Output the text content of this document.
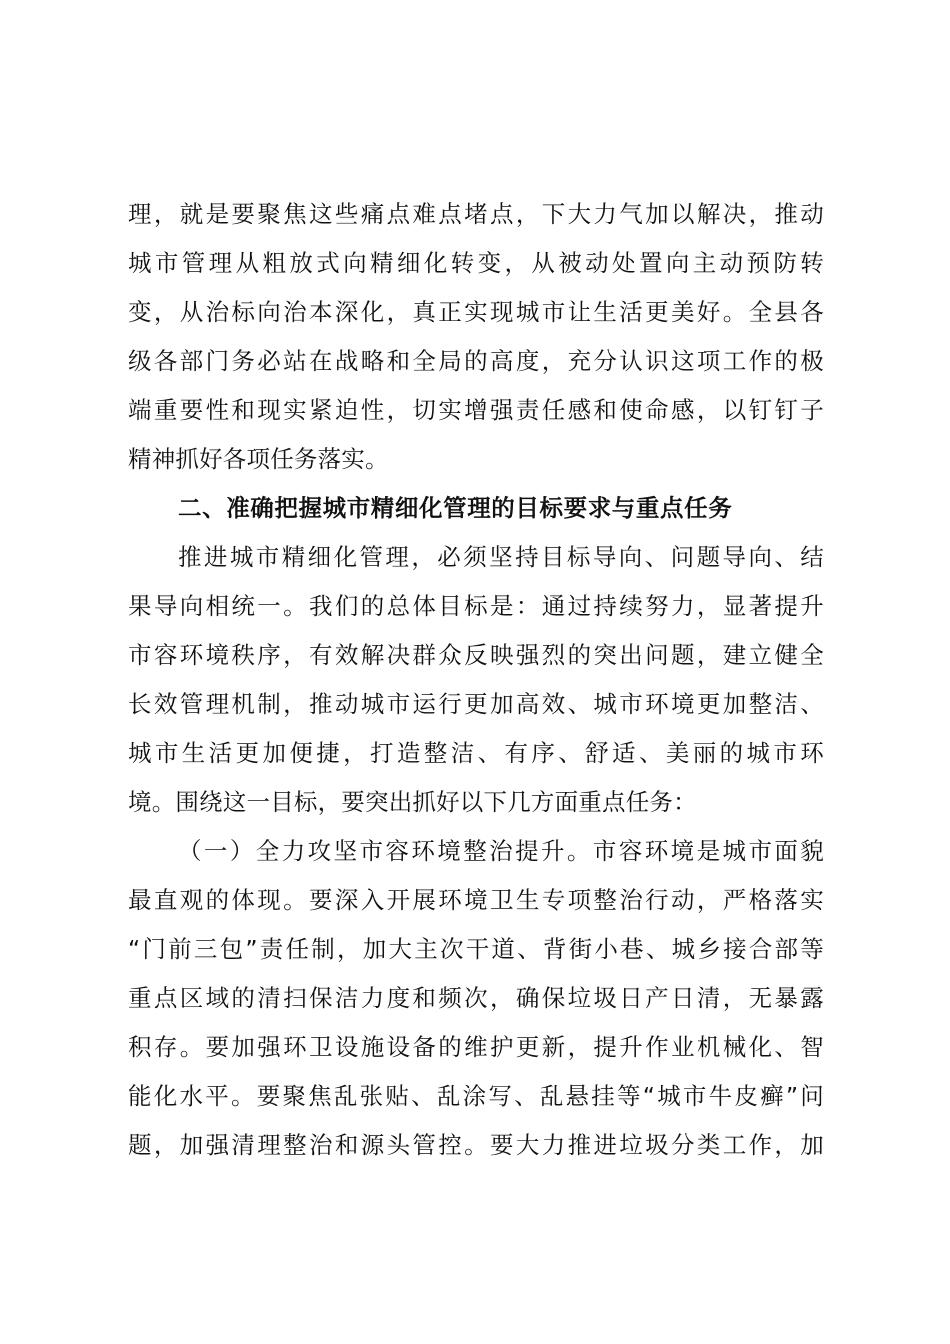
理，就是要聚焦这些痛点难点堵点，下大力气加以解决，推动
城市管理从粗放式向精细化转变，从被动处置向主动预防转
变，从治标向治本深化，真正实现城市让生活更美好。全县各
级各部门务必站在战略和全局的高度，充分认识这项工作的极
端重要性和现实紧迫性，切实增强责任感和使命感，以钉钉子
精神抓好各项任务落实。
二、准确把握城市精细化管理的目标要求与重点任务
推进城市精细化管理，必须坚持目标导向、问题导向、结
果导向相统一。我们的总体目标是：通过持续努力，显著提升
市容环境秩序，有效解决群众反映强烈的突出问题，建立健全
长效管理机制，推动城市运行更加高效、城市环境更加整洁、
城市生活更加便捷，打造整洁、有序、舒适、美丽的城市环
境。围绕这一目标，要突出抓好以下几方面重点任务：
（一）全力攻坚市容环境整治提升。市容环境是城市面貌
最直观的体现。要深入开展环境卫生专项整治行动，严格落实
“门前三包”责任制，加大主次干道、背街小巷、城乡接合部等
重点区域的清扫保洁力度和频次，确保垃圾日产日清，无暴露
积存。要加强环卫设施设备的维护更新，提升作业机械化、智
能化水平。要聚焦乱张贴、乱涂写、乱悬挂等“城市牛皮癣”问
题，加强清理整治和源头管控。要大力推进垃圾分类工作，加
